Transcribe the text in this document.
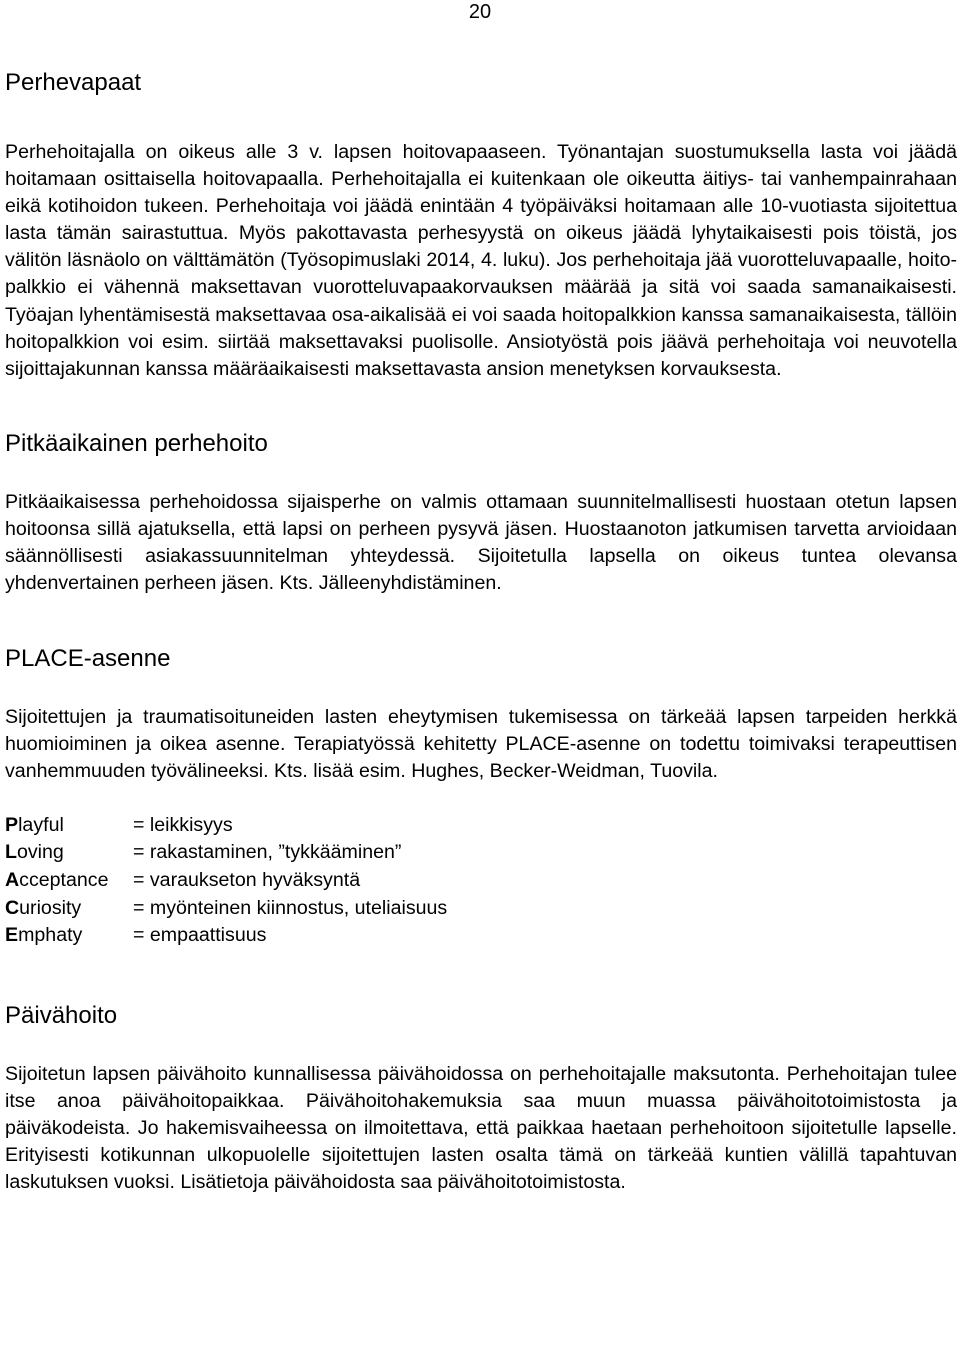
20
Perhevapaat

Perhehoitajalla on oikeus alle 3 v. lapsen hoitovapaaseen. Työnantajan suostumuksella lasta voi jäädä hoitamaan osittaisella hoitovapaalla. Perhehoitajalla ei kuitenkaan ole oikeutta äitiys- tai vanhempainrahaan eikä kotihoidon tukeen. Perhehoitaja voi jäädä enintään 4 työpäiväksi hoitamaan alle 10-vuotiasta sijoitettua lasta tämän sairastuttua. Myös pakottavasta perhesyystä on oikeus jäädä lyhytaikaisesti pois töistä, jos välitön läsnäolo on välttämätön (Työsopimuslaki 2014, 4. luku). Jos perhehoitaja jää vuorotteluvapaalle, hoitopalkkio ei vähennä maksettavan vuorotteluvapaakorvauksen määrää ja sitä voi saada samanaikaisesti. Työajan lyhentämisestä maksettavaa osa-aikalisää ei voi saada hoitopalkkion kanssa samanaikaisesta, tällöin hoitopalkkion voi esim. siirtää maksettavaksi puolisolle. Ansiotyöstä pois jäävä perhehoitaja voi neuvotella sijoittajakunnan kanssa määräaikaisesti maksettavasta ansion menetyksen korvauksesta.

Pitkäaikainen perhehoito

Pitkäaikaisessa perhehoidossa sijaisperhe on valmis ottamaan suunnitelmallisesti huostaan otetun lapsen hoitoonsa sillä ajatuksella, että lapsi on perheen pysyvä jäsen. Huostaanoton jatkumisen tarvetta arvioidaan säännöllisesti asiakassuunnitelman yhteydessä. Sijoitetulla lapsella on oikeus tuntea olevansa yhdenvertainen perheen jäsen. Kts. Jälleenyhdistäminen.

PLACE-asenne

Sijoitettujen ja traumatisoituneiden lasten eheytymisen tukemisessa on tärkeää lapsen tarpeiden herkkä huomioiminen ja oikea asenne. Terapiatyössä kehitetty PLACE-asenne on todettu toimivaksi terapeuttisen vanhemmuuden työvälineeksi. Kts. lisää esim. Hughes, Becker-Weidman, Tuovila.

Playful	= leikkisyys
Loving	= rakastaminen, ”tykkääminen”
Acceptance	= varaukseton hyväksyntä
Curiosity	= myönteinen kiinnostus, uteliaisuus
Emphaty	= empaattisuus
Päivähoito

Sijoitetun lapsen päivähoito kunnallisessa päivähoidossa on perhehoitajalle maksutonta. Perhehoitajan tulee itse anoa päivähoitopaikkaa. Päivähoitohakemuksia saa muun muassa päivähoitotoimistosta ja päiväkodeista. Jo hakemisvaiheessa on ilmoitettava, että paikkaa haetaan perhehoitoon sijoitetulle lapselle. Erityisesti kotikunnan ulkopuolelle sijoitettujen lasten osalta tämä on tärkeää kuntien välillä tapahtuvan laskutuksen vuoksi. Lisätietoja päivähoidosta saa päivähoitotoimistosta.
